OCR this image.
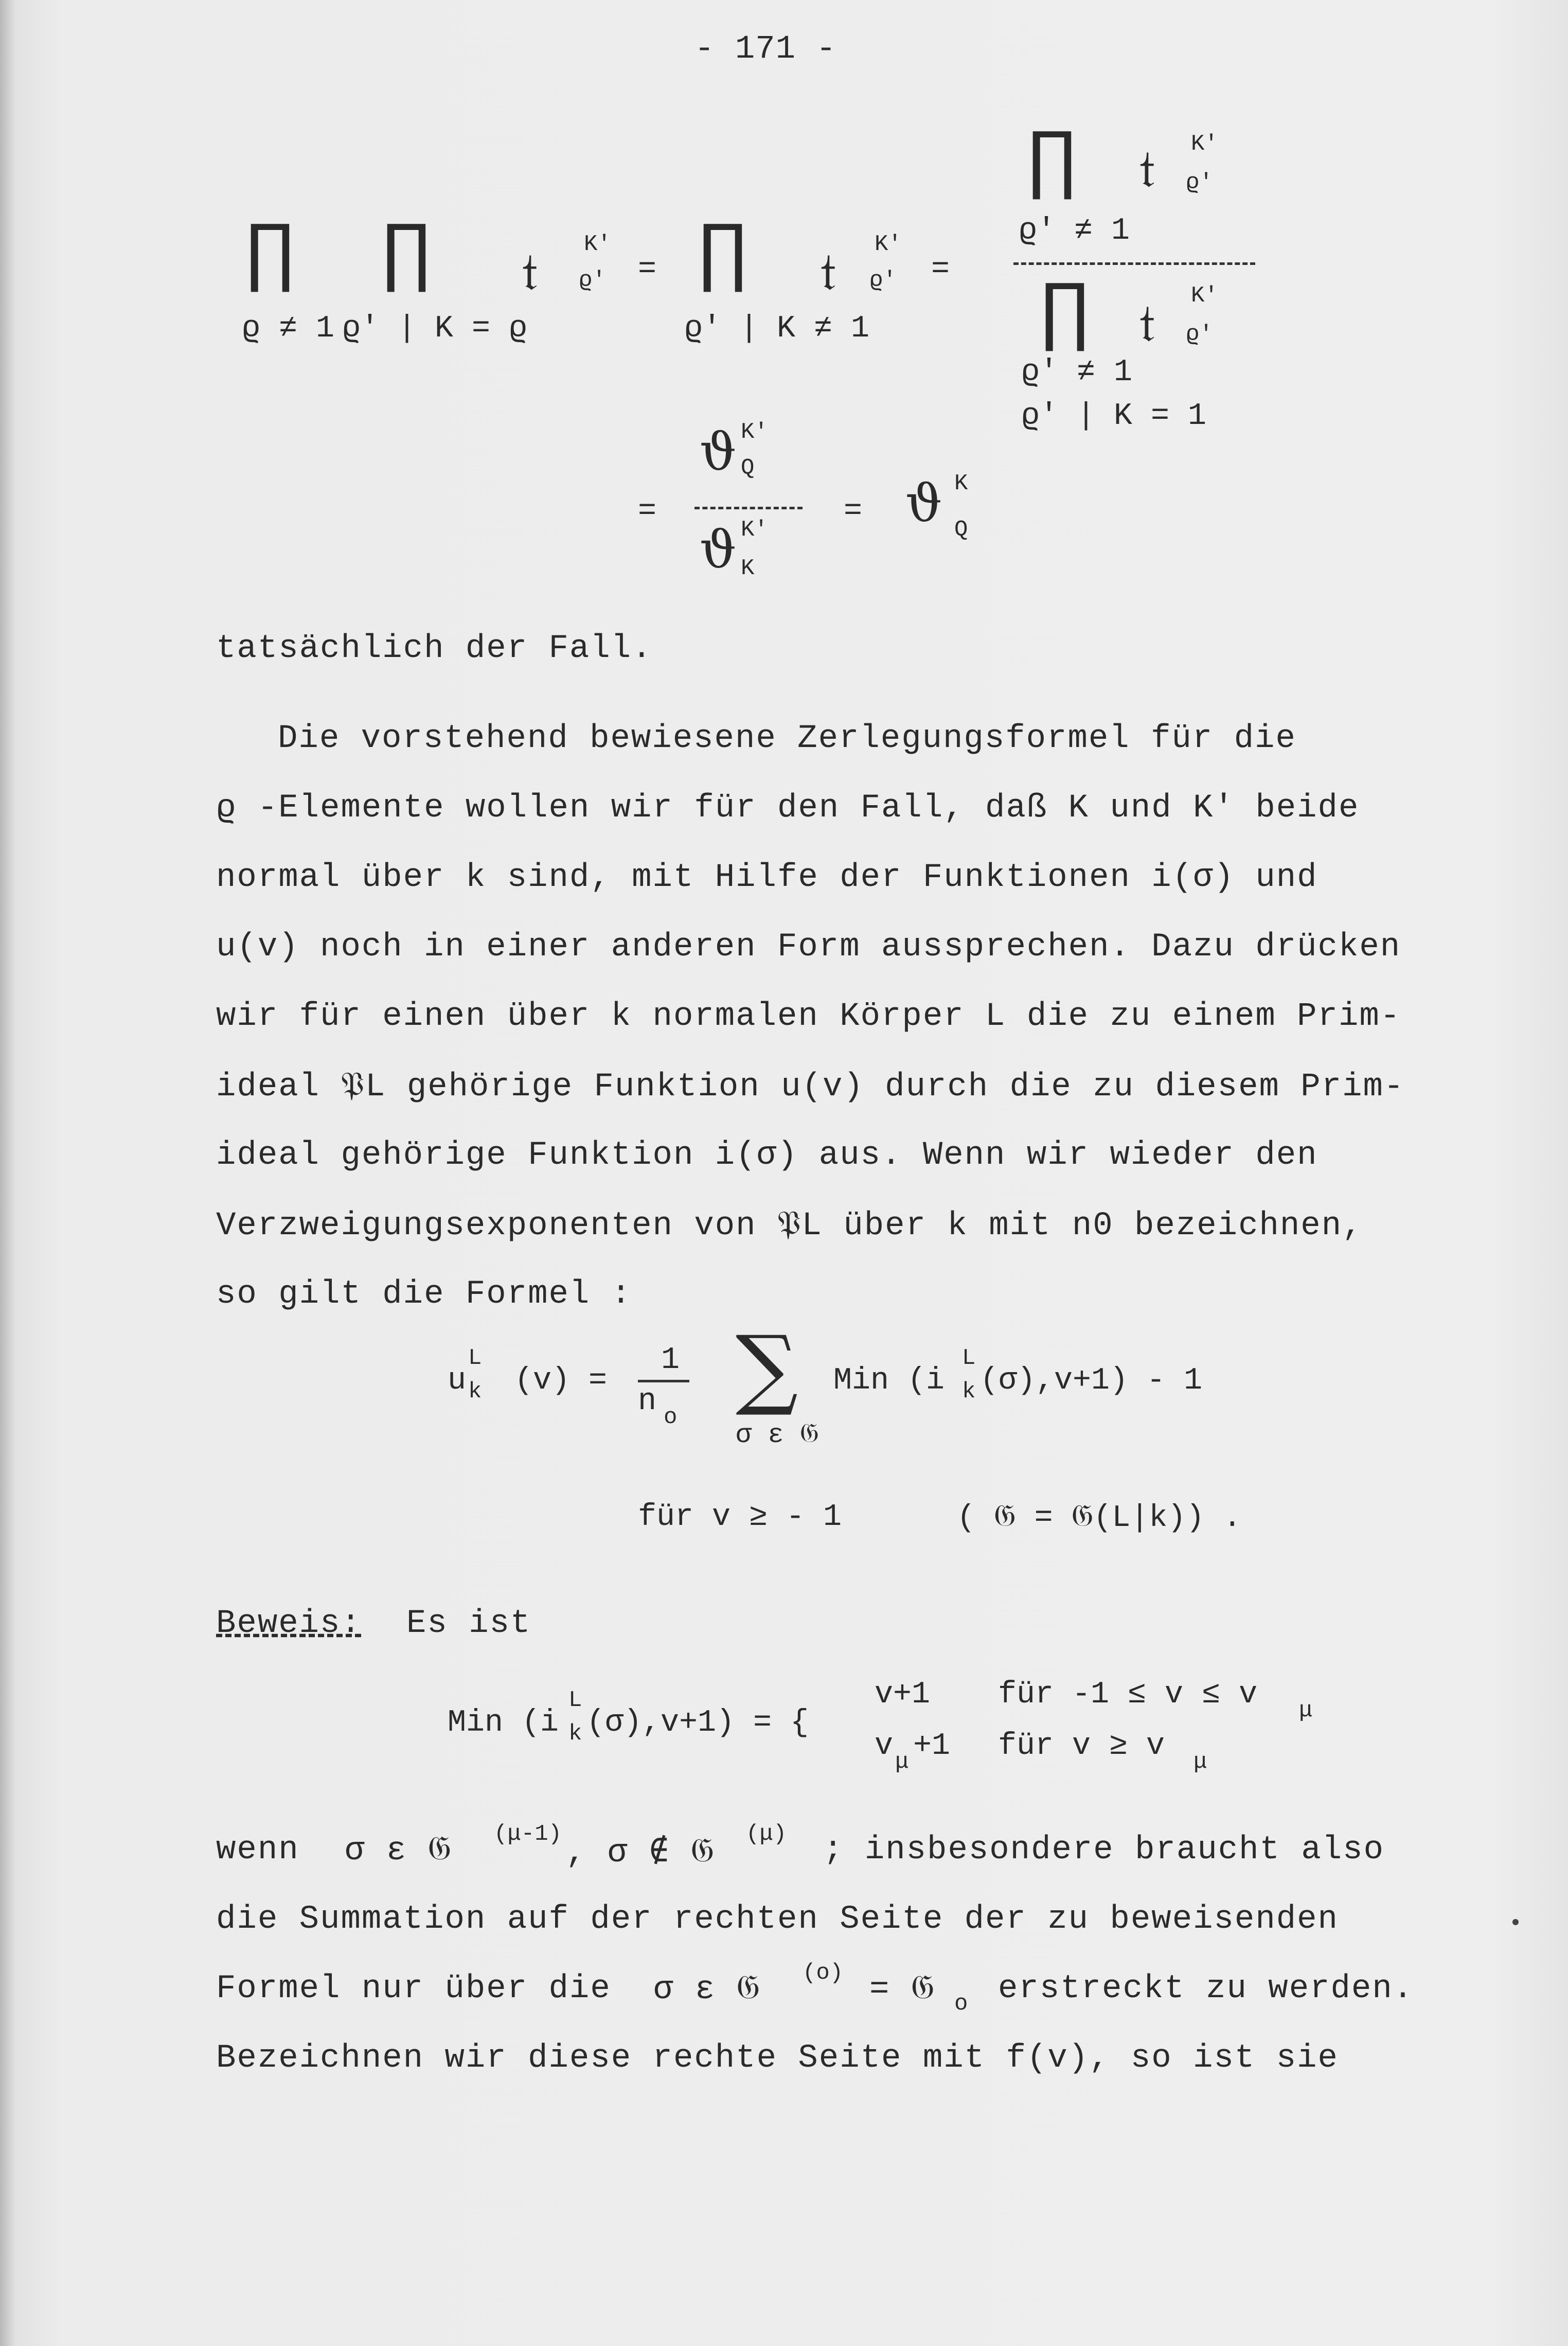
- 171 -
∏
ϱ ≠ 1
∏
ϱ' | K = ϱ
𝔱 K'
ϱ' = ∏
ϱ' | K ≠ 1
𝔱 K'
ϱ' =
∏ 𝔱 K'
ϱ'
ϱ' ≠ 1
∏ 𝔱 K'
ϱ'
ϱ' ≠ 1
ϱ' | K = 1
=
ϑ K'
Q
ϑ K'
K
= ϑ K
Q
tatsächlich der Fall.
Die vorstehend bewiesene Zerlegungsformel für die
ϱ -Elemente wollen wir für den Fall, daß K und K' beide
normal über k sind, mit Hilfe der Funktionen i(σ) und
u(v) noch in einer anderen Form aussprechen. Dazu drücken
wir für einen über k normalen Körper L die zu einem Prim-
ideal 𝔓L gehörige Funktion u(v) durch die zu diesem Prim-
ideal gehörige Funktion i(σ) aus. Wenn wir wieder den
Verzweigungsexponenten von 𝔓L über k mit n0 bezeichnen,
so gilt die Formel :
u
L
k (v) =
1
n o ∑
σ ε 𝔊
Min (i
L
k (σ),v+1) - 1
für v ≥ - 1	( 𝔊 = 𝔊(L|k)) .
Beweis: Es ist
Min (i
L
k (σ),v+1) = {
v+1 für -1 ≤ v ≤ v μ
v μ +1 für v ≥ v μ
wenn σ ε 𝔊 (μ-1)
, σ ∉ 𝔊
(μ) ; insbesondere braucht also
die Summation auf der rechten Seite der zu beweisenden
Formel nur über die σ ε 𝔊 (o) = 𝔊 o erstreckt zu werden.
Bezeichnen wir diese rechte Seite mit f(v), so ist sie
